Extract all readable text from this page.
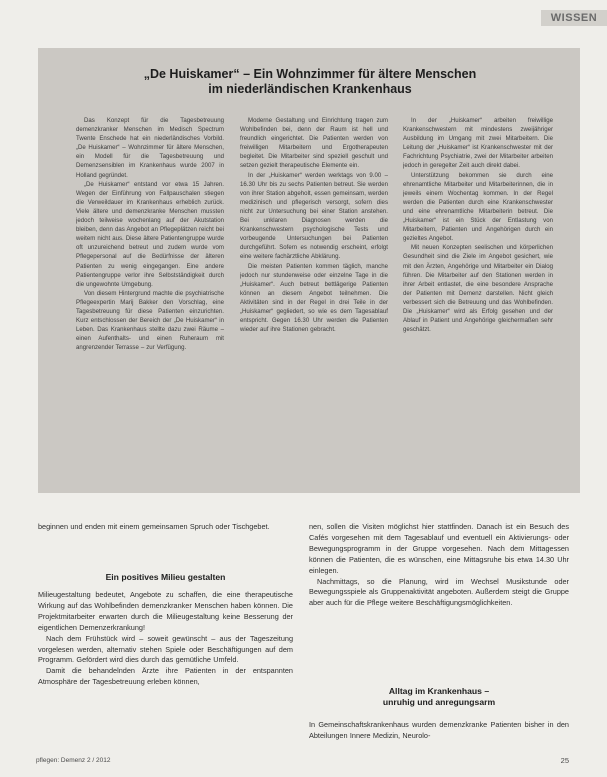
WISSEN
„De Huiskamer“ – Ein Wohnzimmer für ältere Menschen
im niederländischen Krankenhaus

Das Konzept für die Tagesbetreuung demenzkranker Menschen im Medisch Spectrum Twente Enschede hat ein niederländisches Vorbild. „De Huiskamer“ – Wohnzimmer für ältere Menschen, ein Modell für die Tagesbetreuung und Demenzsensiblen im Krankenhaus wurde 2007 in Holland gegründet.

„De Huiskamer“ entstand vor etwa 15 Jahren. Wegen der Einführung von Fallpauschalen stiegen die Verweildauer im Krankenhaus erheblich zurück. Viele ältere und demenzkranke Menschen mussten jedoch teilweise wochenlang auf der Akutstation bleiben, denn das Angebot an Pflegeplätzen reicht bei weitem nicht aus. Diese ältere Patientengruppe wurde oft unzureichend betreut und zudem wurde vom Pflegepersonal auf die Bedürfnisse der älteren Patienten zu wenig eingegangen. Eine andere Patientengruppe verlor ihre Selbstständigkeit durch die ungewohnte Umgebung.

Von diesem Hintergrund machte die psychiatrische Pflegeexpertin Marij Bakker den Vorschlag, eine Tagesbetreuung für diese Patienten einzurichten. Kurz entschlossen der Bereich der „De Huiskamer“ in Leben. Das Krankenhaus stellte dazu zwei Räume – einen Aufenthalts- und einen Ruheraum mit angrenzender Terrasse – zur Verfügung.

Moderne Gestaltung und Einrichtung tragen zum Wohlbefinden bei, denn der Raum ist hell und freundlich eingerichtet. Die Patienten werden von freiwilligen Mitarbeitern und Ergotherapeuten begleitet. Die Mitarbeiter sind speziell geschult und setzen gezielt therapeutische Elemente ein.

In der „Huiskamer“ werden werktags von 9.00 – 16.30 Uhr bis zu sechs Patienten betreut. Sie werden von ihrer Station abgeholt, essen gemeinsam, werden medizinisch und pflegerisch versorgt, sofern dies nicht zur Untersuchung bei einer Station anstehen. Bei unklaren Diagnosen werden die Krankenschwestern psychologische Tests und vorbeugende Untersuchungen bei Patienten durchgeführt. Sofern es notwendig erscheint, erfolgt eine weitere fachärztliche Abklärung.

Die meisten Patienten kommen täglich, manche jedoch nur stundenweise oder einzelne Tage in die „Huiskamer“. Auch betreut bettlägerige Patienten können an diesem Angebot teilnehmen. Die Aktivitäten sind in der Regel in drei Teile in der „Huiskamer“ gegliedert, so wie es dem Tagesablauf entspricht. Gegen 16.30 Uhr werden die Patienten wieder auf ihre Stationen gebracht.

In der „Huiskamer“ arbeiten freiwillige Krankenschwestern mit mindestens zweijähriger Ausbildung im Umgang mit zwei Mitarbeitern. Die Leitung der „Huiskamer“ ist Krankenschwester mit der Fachrichtung Psychiatrie, zwei der Mitarbeiter arbeiten jedoch in geregelter Zeit auch direkt dabei.

Unterstützung bekommen sie durch eine ehrenamtliche Mitarbeiter und Mitarbeiterinnen, die in jeweils einem Wochentag kommen. In der Regel werden die Patienten durch eine Krankenschwester und eine ehrenamtliche Mitarbeiterin betreut. Die „Huiskamer“ ist ein Stück der Entlastung von Mitarbeitern, Patienten und Angehörigen durch ein gezieltes Angebot.

Mit neuen Konzepten seelischen und körperlichen Gesundheit sind die Ziele im Angebot gesichert, wie mit den Ärzten, Angehörige und Mitarbeiter ein Dialog führen. Die Mitarbeiter auf den Stationen werden in ihrer Arbeit entlastet, die eine besondere Ansprache der Patienten mit Demenz darstellen. Nicht gleich verbessert sich die Betreuung und das Wohlbefinden. Die „Huiskamer“ wird als Erfolg gesehen und der Ablauf in Patient und Angehörige gleichermaßen sehr geschätzt.

beginnen und enden mit einem gemeinsamen Spruch oder Tischgebet.

Ein positives Milieu gestalten

Milieugestaltung bedeutet, Angebote zu schaffen, die eine therapeutische Wirkung auf das Wohlbefinden demenzkranker Menschen haben können. Die Projektmitarbeiter erwarten durch die Milieugestaltung keine Besserung der eigentlichen Demenzerkrankung!

Nach dem Frühstück wird – soweit gewünscht – aus der Tageszeitung vorgelesen werden, alternativ stehen Spiele oder Beschäftigungen auf dem Programm. Gefördert wird dies durch das gemütliche Umfeld.

Damit die behandelnden Ärzte ihre Patienten in der entspannten Atmosphäre der Tagesbetreuung erleben können,

nen, sollen die Visiten möglichst hier stattfinden. Danach ist ein Besuch des Cafés vorgesehen mit dem Tagesablauf und eventuell ein Aktivierungs- oder Bewegungsprogramm in der Gruppe vorgesehen. Nach dem Mittagessen können die Patienten, die es wünschen, eine Mittagsruhe bis etwa 14.30 Uhr einlegen.

Nachmittags, so die Planung, wird im Wechsel Musikstunde oder Bewegungsspiele als Gruppenaktivität angeboten. Außerdem steigt die Gruppe aber auch für die Pflege weitere Beschäftigungsmöglichkeiten.

Alltag im Krankenhaus –
unruhig und anregungsarm

In Gemeinschaftskrankenhaus wurden demenzkranke Patienten bisher in den Abteilungen Innere Medizin, Neurolo-

pflegen: Demenz 2 / 2012	25
